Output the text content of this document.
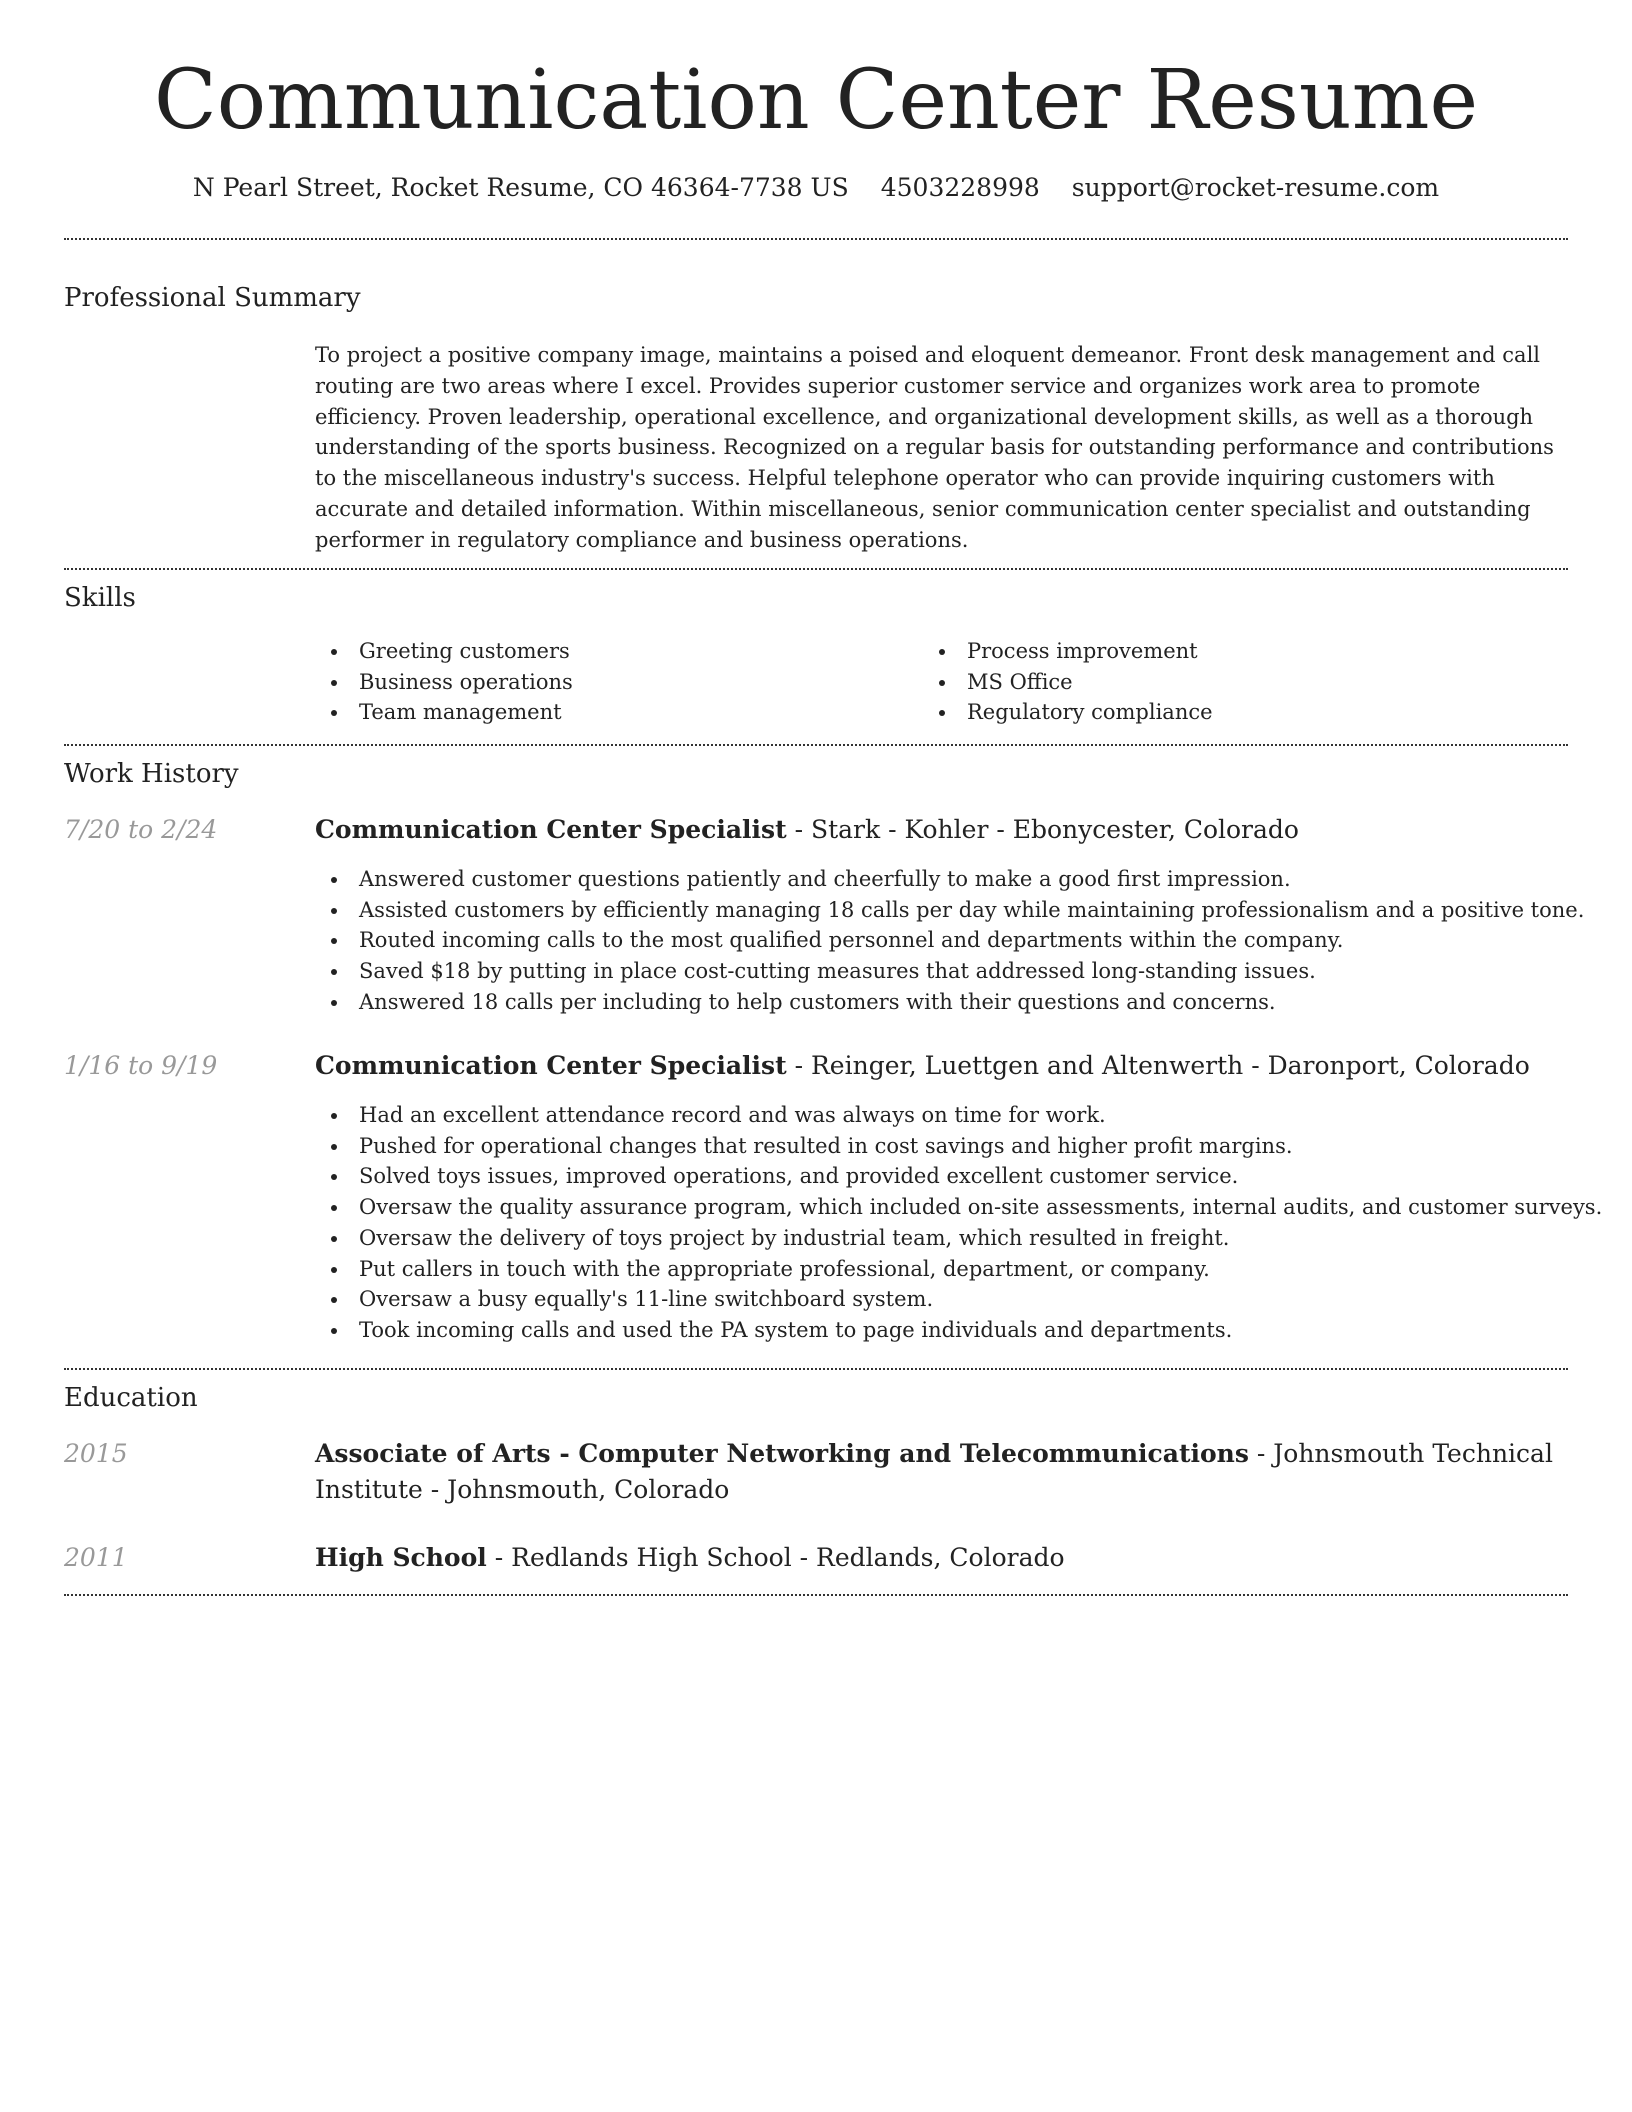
Communication Center Resume
N Pearl Street, Rocket Resume, CO 46364-7738 US 4503228998 support@rocket-resume.com
Professional Summary

To project a positive company image, maintains a poised and eloquent demeanor. Front desk management and call routing are two areas where I excel. Provides superior customer service and organizes work area to promote efficiency. Proven leadership, operational excellence, and organizational development skills, as well as a thorough understanding of the sports business. Recognized on a regular basis for outstanding performance and contributions to the miscellaneous industry's success. Helpful telephone operator who can provide inquiring customers with accurate and detailed information. Within miscellaneous, senior communication center specialist and outstanding performer in regulatory compliance and business operations.

Skills
Greeting customers
Business operations
Team management
Process improvement
MS Office
Regulatory compliance
Work History
7/20 to 2/24	Communication Center Specialist - Stark - Kohler - Ebonycester, Colorado
Answered customer questions patiently and cheerfully to make a good first impression.
Assisted customers by efficiently managing 18 calls per day while maintaining professionalism and a positive tone.
Routed incoming calls to the most qualified personnel and departments within the company.
Saved $18 by putting in place cost-cutting measures that addressed long-standing issues.
Answered 18 calls per including to help customers with their questions and concerns.
1/16 to 9/19	Communication Center Specialist - Reinger, Luettgen and Altenwerth - Daronport, Colorado
Had an excellent attendance record and was always on time for work.
Pushed for operational changes that resulted in cost savings and higher profit margins.
Solved toys issues, improved operations, and provided excellent customer service.
Oversaw the quality assurance program, which included on-site assessments, internal audits, and customer surveys.
Oversaw the delivery of toys project by industrial team, which resulted in freight.
Put callers in touch with the appropriate professional, department, or company.
Oversaw a busy equally's 11-line switchboard system.
Took incoming calls and used the PA system to page individuals and departments.
Education
2015	Associate of Arts - Computer Networking and Telecommunications - Johnsmouth Technical Institute - Johnsmouth, Colorado
2011	High School - Redlands High School - Redlands, Colorado
